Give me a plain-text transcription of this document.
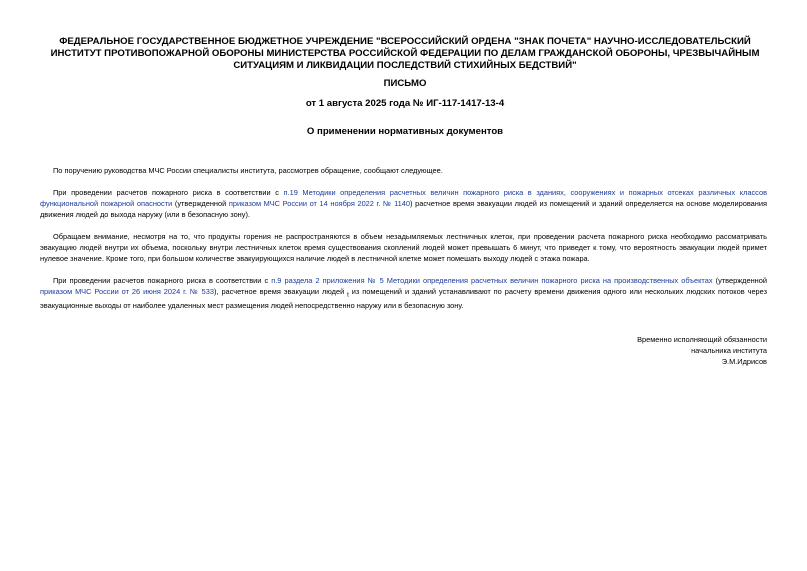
ФЕДЕРАЛЬНОЕ ГОСУДАРСТВЕННОЕ БЮДЖЕТНОЕ УЧРЕЖДЕНИЕ "ВСЕРОССИЙСКИЙ ОРДЕНА "ЗНАК ПОЧЕТА" НАУЧНО-ИССЛЕДОВАТЕЛЬСКИЙ ИНСТИТУТ ПРОТИВОПОЖАРНОЙ ОБОРОНЫ МИНИСТЕРСТВА РОССИЙСКОЙ ФЕДЕРАЦИИ ПО ДЕЛАМ ГРАЖДАНСКОЙ ОБОРОНЫ, ЧРЕЗВЫЧАЙНЫМ СИТУАЦИЯМ И ЛИКВИДАЦИИ ПОСЛЕДСТВИЙ СТИХИЙНЫХ БЕДСТВИЙ"
ПИСЬМО
от 1 августа 2025 года № ИГ-117-1417-13-4
О применении нормативных документов

По поручению руководства МЧС России специалисты института, рассмотрев обращение, сообщают следующее.

При проведении расчетов пожарного риска в соответствии с п.19 Методики определения расчетных величин пожарного риска в зданиях, сооружениях и пожарных отсеках различных классов функциональной пожарной опасности (утвержденной приказом МЧС России от 14 ноября 2022 г. № 1140) расчетное время эвакуации людей из помещений и зданий определяется на основе моделирования движения людей до выхода наружу (или в безопасную зону).

Обращаем внимание, несмотря на то, что продукты горения не распространяются в объем незадымляемых лестничных клеток, при проведении расчета пожарного риска необходимо рассматривать эвакуацию людей внутри их объема, поскольку внутри лестничных клеток время существования скоплений людей может превышать 6 минут, что приведет к тому, что вероятность эвакуации людей примет нулевое значение. Кроме того, при большом количестве эвакуирующихся наличие людей в лестничной клетке может помешать выходу людей с этажа пожара.

При проведении расчетов пожарного риска в соответствии с п.9 раздела 2 приложения № 5 Методики определения расчетных величин пожарного риска на производственных объектах (утвержденной приказом МЧС России от 26 июня 2024 г. № 533), расчетное время эвакуации людей $_t$ из помещений и зданий устанавливают по расчету времени движения одного или нескольких людских потоков через эвакуационные выходы от наиболее удаленных мест размещения людей непосредственно наружу или в безопасную зону.

Временно исполняющий обязанности
начальника института
Э.М.Идрисов
